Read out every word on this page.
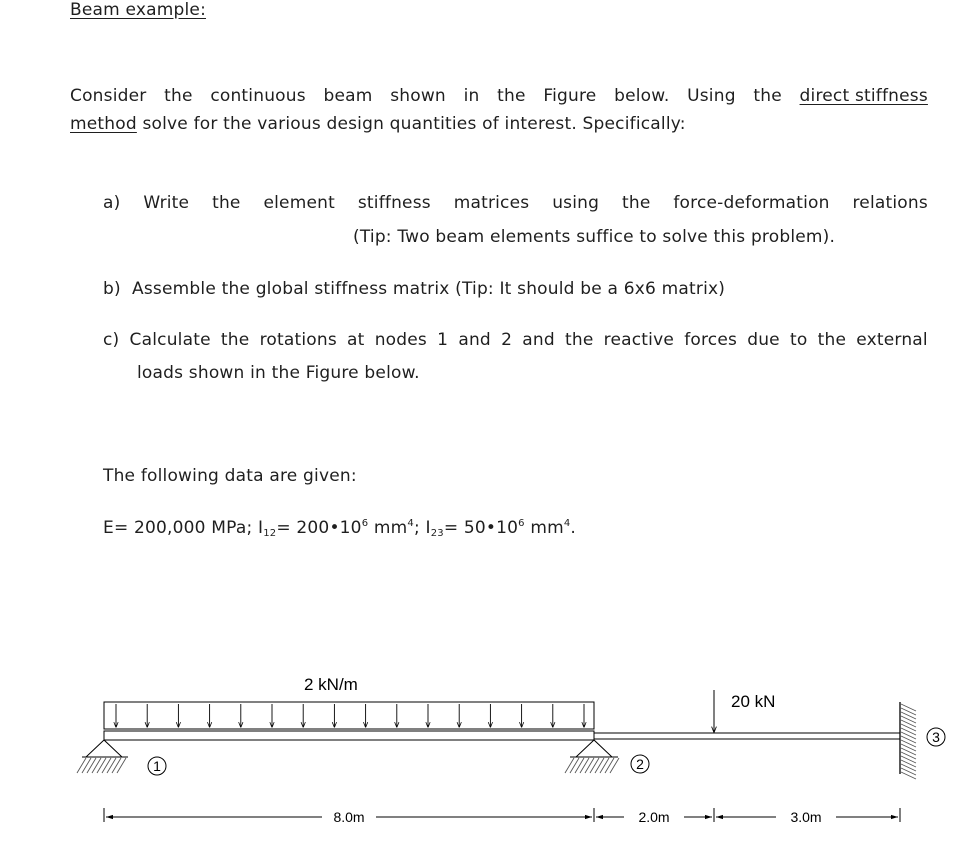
Beam example:
Consider the continuous beam shown in the Figure below. Using the direct stiffness
method solve for the various design quantities of interest. Specifically:
a) Write the element stiffness matrices using the force-deformation relations
(Tip: Two beam elements suffice to solve this problem).
b) Assemble the global stiffness matrix (Tip: It should be a 6x6 matrix)
c) Calculate the rotations at nodes 1 and 2 and the reactive forces due to the external
loads shown in the Figure below.
The following data are given:
E= 200,000 MPa; $I_{12}=$ $200•10^6$ $mm^4$; $I_{23}=$ $50•10^6$ $mm^4$.
2 kN/m
20 kN
1	2
3
8.0m	2.0m	3.0m
